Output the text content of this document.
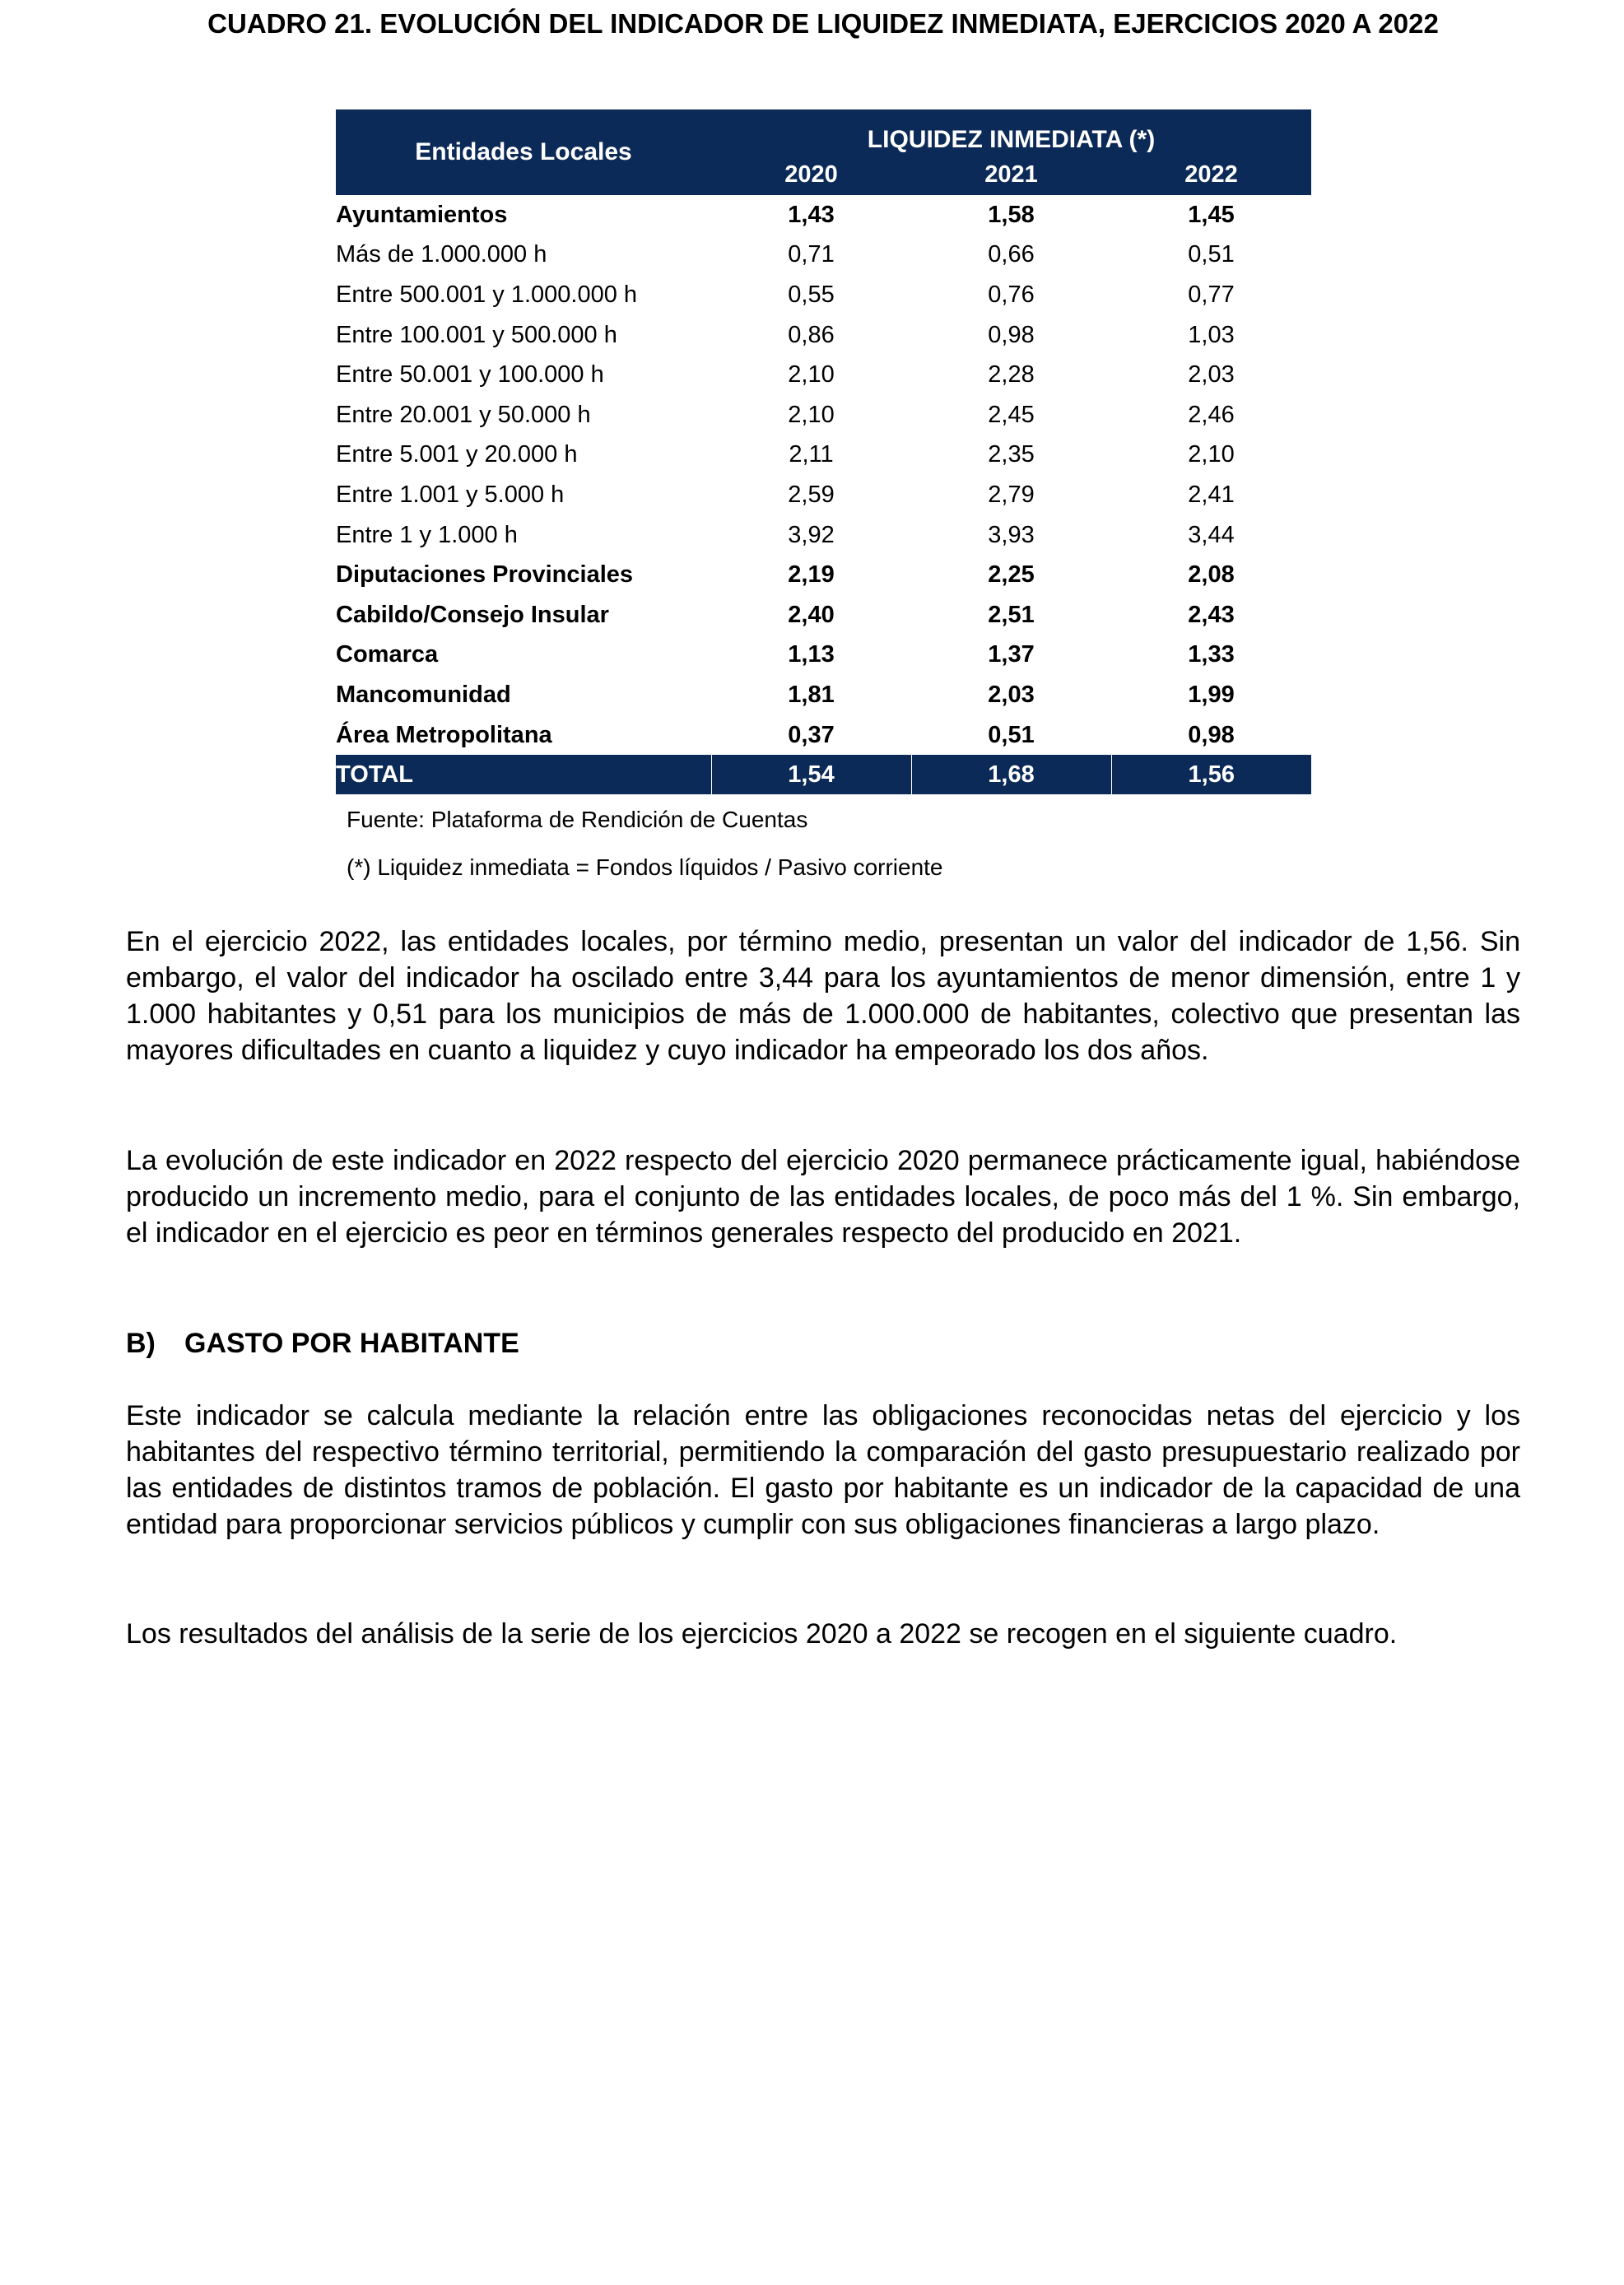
CUADRO 21. EVOLUCIÓN DEL INDICADOR DE LIQUIDEZ INMEDIATA, EJERCICIOS 2020 A 2022
Entidades Locales	LIQUIDEZ INMEDIATA (*)		
	2020	2021	2022
Ayuntamientos	1,43	1,58	1,45
Más de 1.000.000 h	0,71	0,66	0,51
Entre 500.001 y 1.000.000 h	0,55	0,76	0,77
Entre 100.001 y 500.000 h	0,86	0,98	1,03
Entre 50.001 y 100.000 h	2,10	2,28	2,03
Entre 20.001 y 50.000 h	2,10	2,45	2,46
Entre 5.001 y 20.000 h	2,11	2,35	2,10
Entre 1.001 y 5.000 h	2,59	2,79	2,41
Entre 1 y 1.000 h	3,92	3,93	3,44
Diputaciones Provinciales	2,19	2,25	2,08
Cabildo/Consejo Insular	2,40	2,51	2,43
Comarca	1,13	1,37	1,33
Mancomunidad	1,81	2,03	1,99
Área Metropolitana	0,37	0,51	0,98
TOTAL	1,54	1,68	1,56
Fuente: Plataforma de Rendición de Cuentas
(*) Liquidez inmediata = Fondos líquidos / Pasivo corriente

En el ejercicio 2022, las entidades locales, por término medio, presentan un valor del indicador de 1,56. Sin embargo, el valor del indicador ha oscilado entre 3,44 para los ayuntamientos de menor dimensión, entre 1 y 1.000 habitantes y 0,51 para los municipios de más de 1.000.000 de habitantes, colectivo que presentan las mayores dificultades en cuanto a liquidez y cuyo indicador ha empeorado los dos años.

La evolución de este indicador en 2022 respecto del ejercicio 2020 permanece prácticamente igual, habiéndose producido un incremento medio, para el conjunto de las entidades locales, de poco más del 1 %. Sin embargo, el indicador en el ejercicio es peor en términos generales respecto del producido en 2021.

B) GASTO POR HABITANTE

Este indicador se calcula mediante la relación entre las obligaciones reconocidas netas del ejercicio y los habitantes del respectivo término territorial, permitiendo la comparación del gasto presupuestario realizado por las entidades de distintos tramos de población. El gasto por habitante es un indicador de la capacidad de una entidad para proporcionar servicios públicos y cumplir con sus obligaciones financieras a largo plazo.

Los resultados del análisis de la serie de los ejercicios 2020 a 2022 se recogen en el siguiente cuadro.
